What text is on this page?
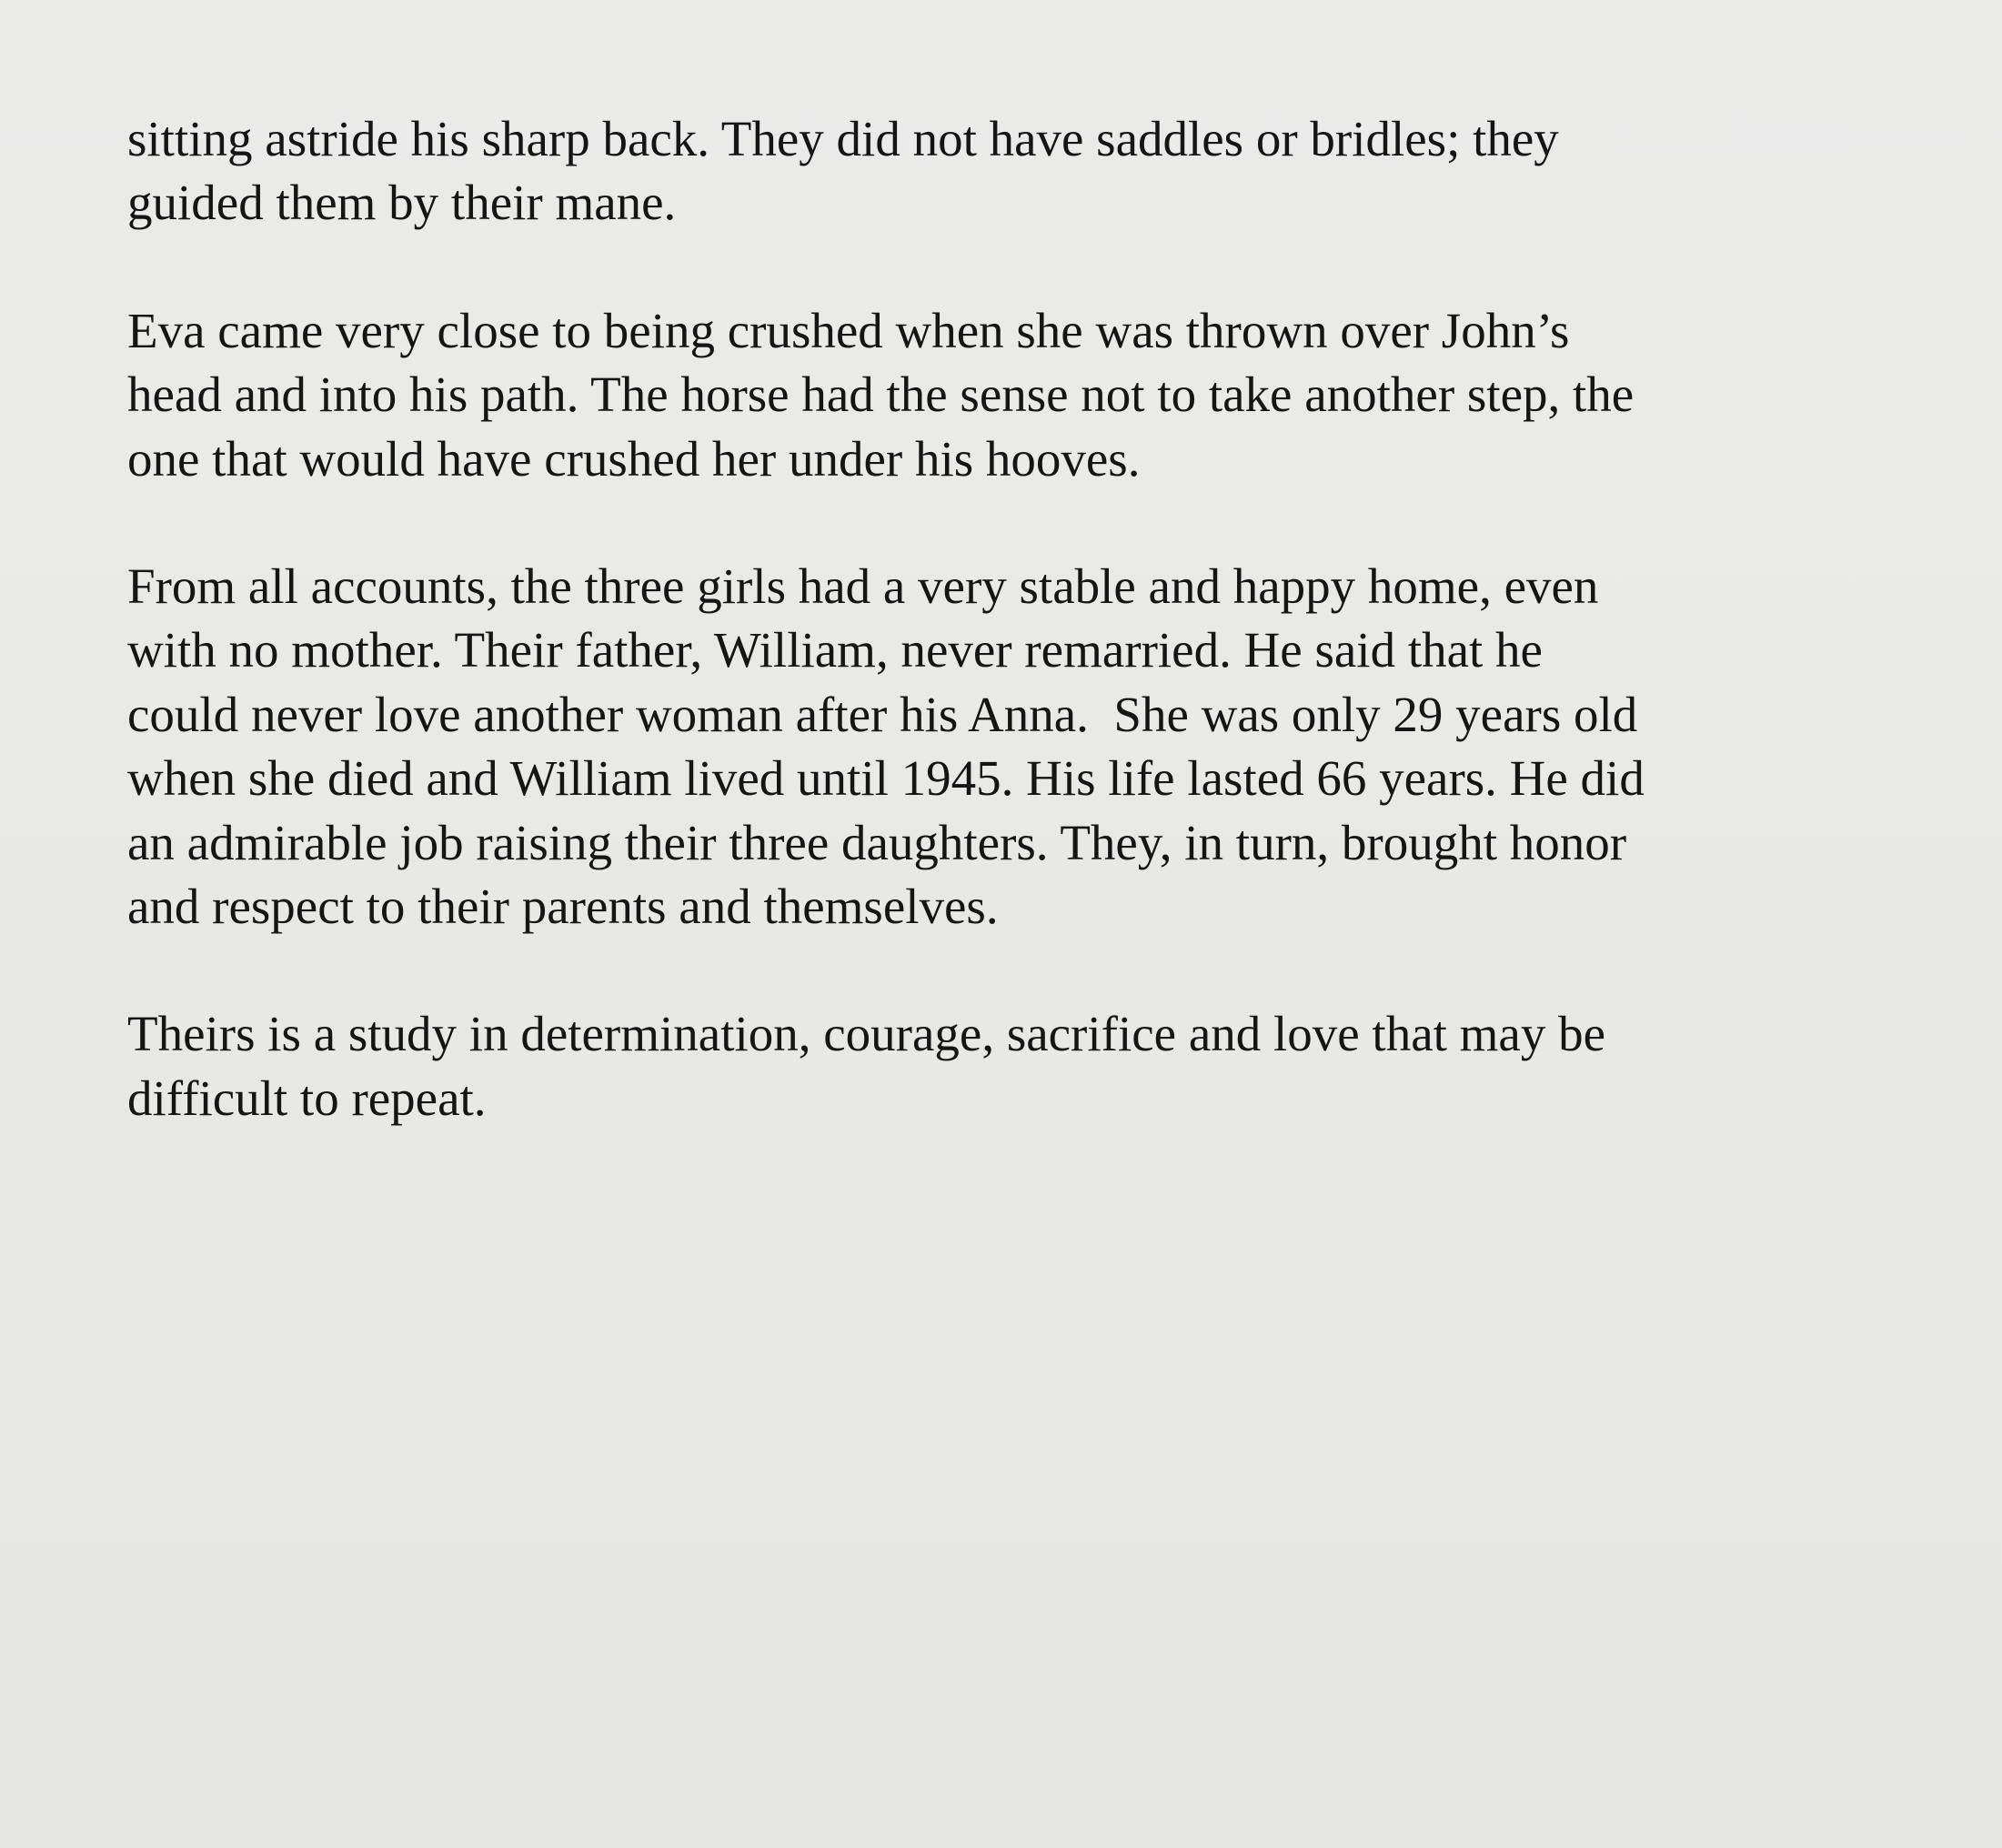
sitting astride his sharp back. They did not have saddles or bridles; they
guided them by their mane.

Eva came very close to being crushed when she was thrown over John’s
head and into his path. The horse had the sense not to take another step, the
one that would have crushed her under his hooves.

From all accounts, the three girls had a very stable and happy home, even
with no mother. Their father, William, never remarried. He said that he
could never love another woman after his Anna.  She was only 29 years old
when she died and William lived until 1945. His life lasted 66 years. He did
an admirable job raising their three daughters. They, in turn, brought honor
and respect to their parents and themselves.

Theirs is a study in determination, courage, sacrifice and love that may be
difficult to repeat.
